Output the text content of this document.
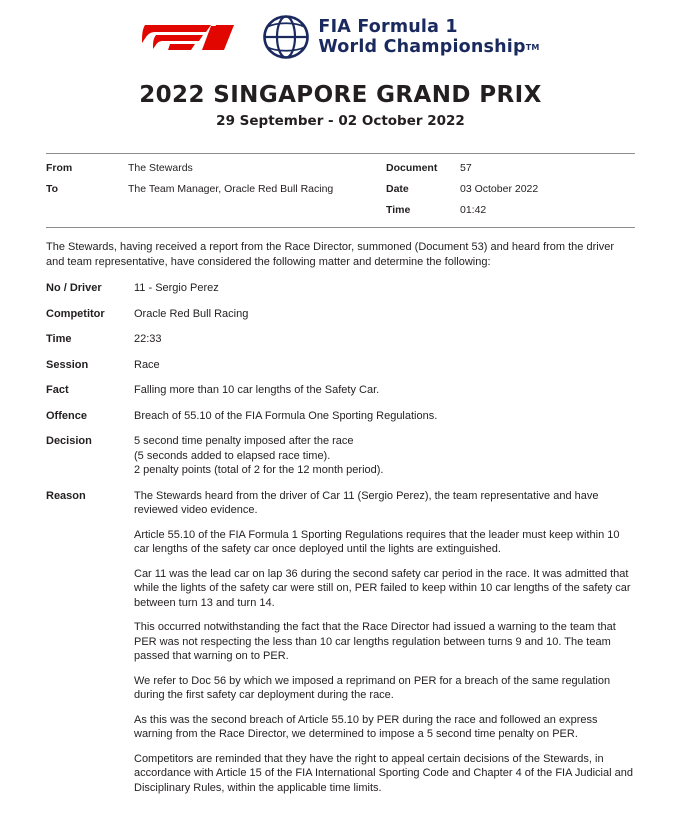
FIA Formula 1
World ChampionshipTM
2022 SINGAPORE GRAND PRIX
29 September - 02 October 2022
From	The Stewards
To	The Team Manager, Oracle Red Bull Racing
Document	57
Date	03 October 2022
Time	01:42
The Stewards, having received a report from the Race Director, summoned (Document 53) and heard from the driver and team representative, have considered the following matter and determine the following:
No / Driver	11 - Sergio Perez
Competitor	Oracle Red Bull Racing
Time	22:33
Session	Race
Fact	Falling more than 10 car lengths of the Safety Car.
Offence	Breach of 55.10 of the FIA Formula One Sporting Regulations.
Decision	5 second time penalty imposed after the race
(5 seconds added to elapsed race time).
2 penalty points (total of 2 for the 12 month period).
Reason	The Stewards heard from the driver of Car 11 (Sergio Perez), the team representative and have reviewed video evidence.

Article 55.10 of the FIA Formula 1 Sporting Regulations requires that the leader must keep within 10 car lengths of the safety car once deployed until the lights are extinguished.

Car 11 was the lead car on lap 36 during the second safety car period in the race. It was admitted that while the lights of the safety car were still on, PER failed to keep within 10 car lengths of the safety car between turn 13 and turn 14.

This occurred notwithstanding the fact that the Race Director had issued a warning to the team that PER was not respecting the less than 10 car lengths regulation between turns 9 and 10. The team passed that warning on to PER.

We refer to Doc 56 by which we imposed a reprimand on PER for a breach of the same regulation during the first safety car deployment during the race.

As this was the second breach of Article 55.10 by PER during the race and followed an express warning from the Race Director, we determined to impose a 5 second time penalty on PER.

Competitors are reminded that they have the right to appeal certain decisions of the Stewards, in accordance with Article 15 of the FIA International Sporting Code and Chapter 4 of the FIA Judicial and Disciplinary Rules, within the applicable time limits.
